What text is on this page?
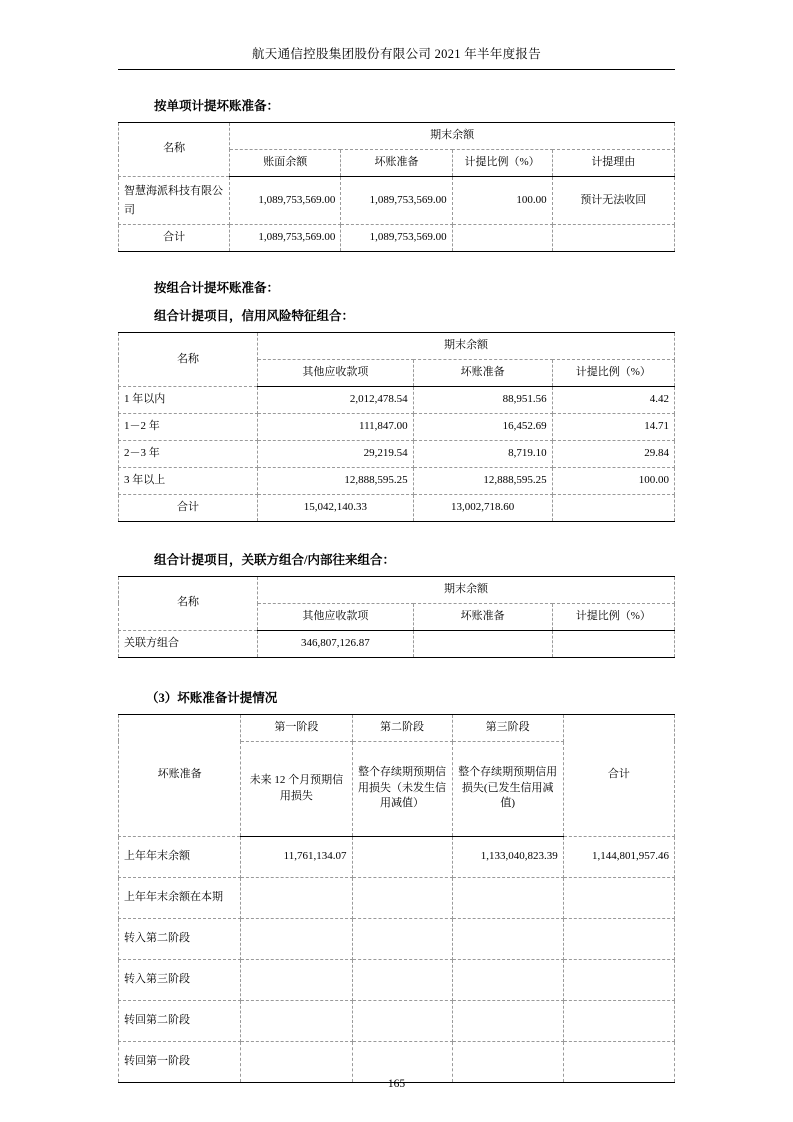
航天通信控股集团股份有限公司 2021 年半年度报告
按单项计提坏账准备：
名称	期末余额			
	账面余额	坏账准备	计提比例（%）	计提理由
智慧海派科技有限公司	1,089,753,569.00	1,089,753,569.00	100.00	预计无法收回
合计	1,089,753,569.00	1,089,753,569.00		
按组合计提坏账准备：
组合计提项目，信用风险特征组合：
名称	期末余额		
	其他应收款项	坏账准备	计提比例（%）
1 年以内	2,012,478.54	88,951.56	4.42
1－2 年	111,847.00	16,452.69	14.71
2－3 年	29,219.54	8,719.10	29.84
3 年以上	12,888,595.25	12,888,595.25	100.00
合计	15,042,140.33	13,002,718.60	
组合计提项目，关联方组合/内部往来组合：
名称	期末余额		
	其他应收款项	坏账准备	计提比例（%）
关联方组合	346,807,126.87		
（3）坏账准备计提情况
坏账准备	第一阶段	第二阶段	第三阶段	合计
	未来 12 个月预期信用损失	整个存续期预期信用损失（未发生信用减值）	整个存续期预期信用损失(已发生信用减值)	
上年年末余额	11,761,134.07		1,133,040,823.39	1,144,801,957.46
上年年末余额在本期				
转入第二阶段				
转入第三阶段				
转回第二阶段				
转回第一阶段				
165
